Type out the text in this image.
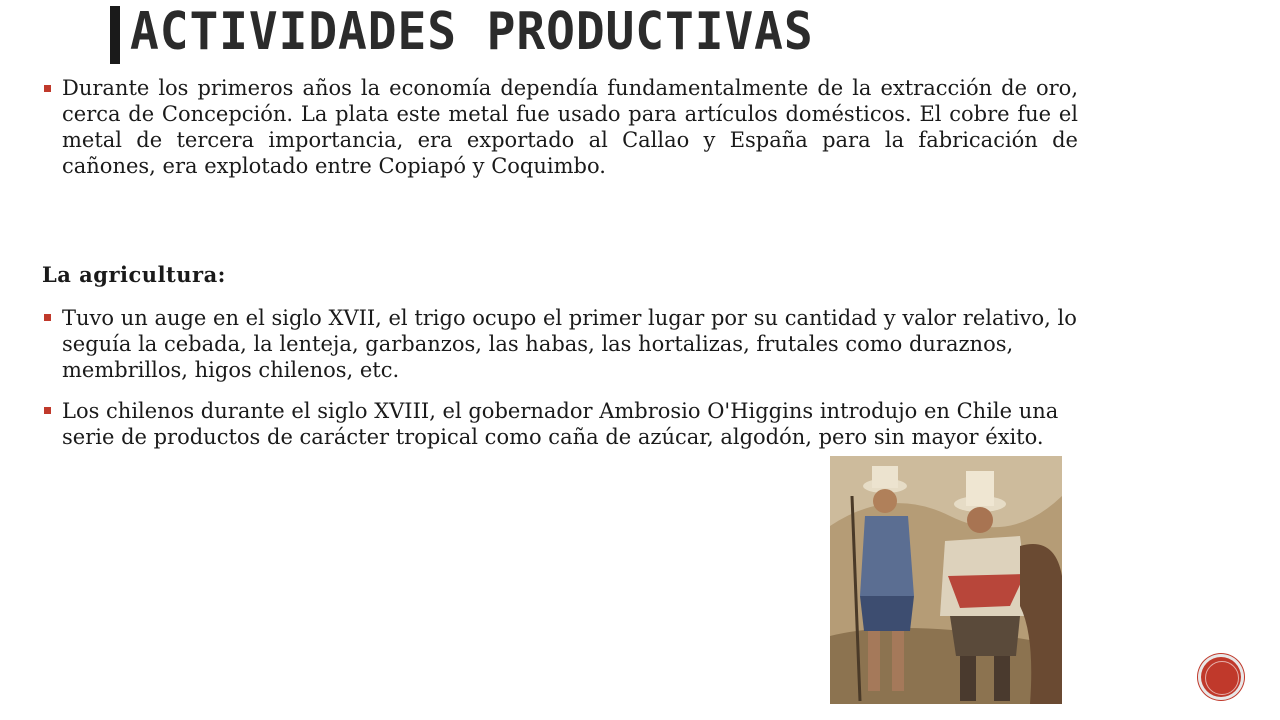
ACTIVIDADES PRODUCTIVAS

Durante los primeros años la economía dependía fundamentalmente de la extracción de oro, cerca de Concepción. La plata este metal fue usado para artículos domésticos. El cobre fue el metal de tercera importancia, era exportado al Callao y España para la fabricación de cañones, era explotado entre Copiapó y Coquimbo.

La agricultura:

Tuvo un auge en el siglo XVII, el trigo ocupo el primer lugar por su cantidad y valor relativo, lo seguía la cebada, la lenteja, garbanzos, las habas, las hortalizas, frutales como duraznos, membrillos, higos chilenos, etc.

Los chilenos durante el siglo XVIII, el gobernador Ambrosio O'Higgins introdujo en Chile una serie de productos de carácter tropical como caña de azúcar, algodón, pero sin mayor éxito.
